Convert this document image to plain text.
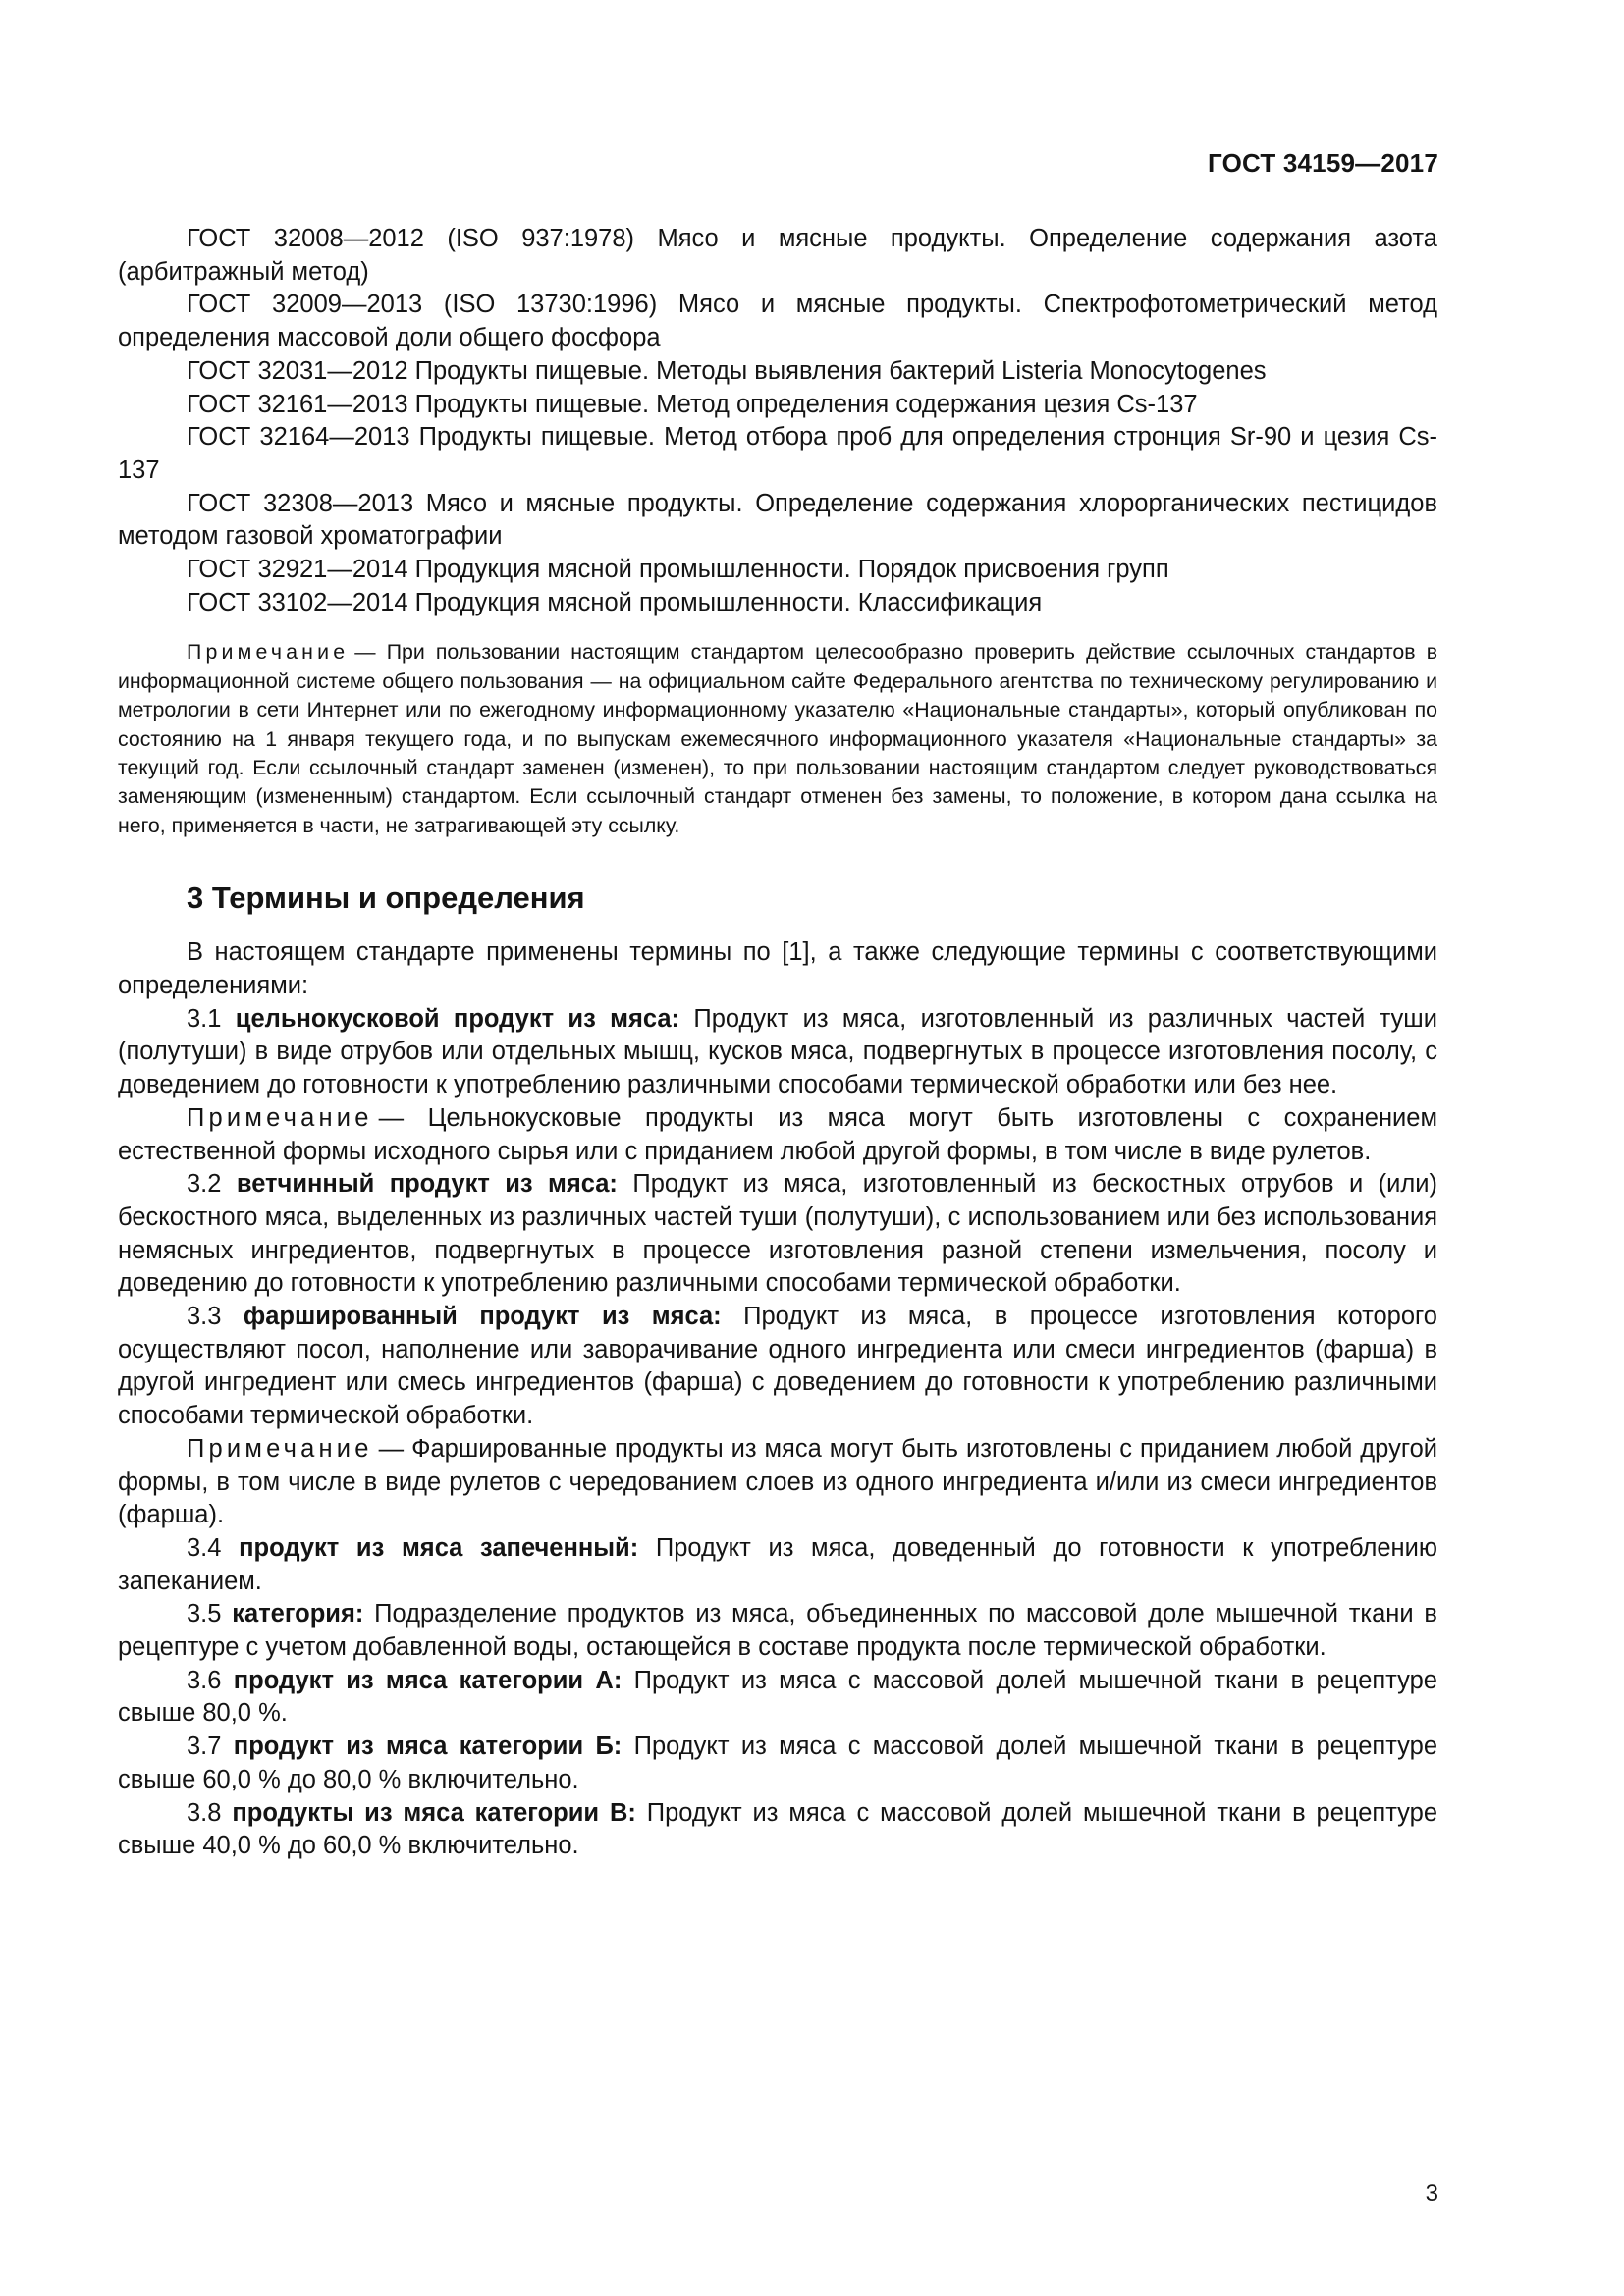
ГОСТ 34159—2017

ГОСТ 32008—2012 (ISO 937:1978) Мясо и мясные продукты. Определение содержания азота (арбитражный метод)

ГОСТ 32009—2013 (ISO 13730:1996) Мясо и мясные продукты. Спектрофотометрический метод определения массовой доли общего фосфора

ГОСТ 32031—2012 Продукты пищевые. Методы выявления бактерий Listeria Monocytogenes

ГОСТ 32161—2013 Продукты пищевые. Метод определения содержания цезия Cs-137

ГОСТ 32164—2013 Продукты пищевые. Метод отбора проб для определения стронция Sr-90 и цезия Cs-137

ГОСТ 32308—2013 Мясо и мясные продукты. Определение содержания хлорорганических пестицидов методом газовой хроматографии

ГОСТ 32921—2014 Продукция мясной промышленности. Порядок присвоения групп

ГОСТ 33102—2014 Продукция мясной промышленности. Классификация

Примечание — При пользовании настоящим стандартом целесообразно проверить действие ссылочных стандартов в информационной системе общего пользования — на официальном сайте Федерального агентства по техническому регулированию и метрологии в сети Интернет или по ежегодному информационному указателю «Национальные стандарты», который опубликован по состоянию на 1 января текущего года, и по выпускам ежемесячного информационного указателя «Национальные стандарты» за текущий год. Если ссылочный стандарт заменен (изменен), то при пользовании настоящим стандартом следует руководствоваться заменяющим (измененным) стандартом. Если ссылочный стандарт отменен без замены, то положение, в котором дана ссылка на него, применяется в части, не затрагивающей эту ссылку.

3 Термины и определения

В настоящем стандарте применены термины по [1], а также следующие термины с соответствующими определениями:

3.1 цельнокусковой продукт из мяса: Продукт из мяса, изготовленный из различных частей туши (полутуши) в виде отрубов или отдельных мышц, кусков мяса, подвергнутых в процессе изготовления посолу, с доведением до готовности к употреблению различными способами термической обработки или без нее.

Примечание — Цельнокусковые продукты из мяса могут быть изготовлены с сохранением естественной формы исходного сырья или с приданием любой другой формы, в том числе в виде рулетов.

3.2 ветчинный продукт из мяса: Продукт из мяса, изготовленный из бескостных отрубов и (или) бескостного мяса, выделенных из различных частей туши (полутуши), с использованием или без использования немясных ингредиентов, подвергнутых в процессе изготовления разной степени измельчения, посолу и доведению до готовности к употреблению различными способами термической обработки.

3.3 фаршированный продукт из мяса: Продукт из мяса, в процессе изготовления которого осуществляют посол, наполнение или заворачивание одного ингредиента или смеси ингредиентов (фарша) в другой ингредиент или смесь ингредиентов (фарша) с доведением до готовности к употреблению различными способами термической обработки.

Примечание — Фаршированные продукты из мяса могут быть изготовлены с приданием любой другой формы, в том числе в виде рулетов с чередованием слоев из одного ингредиента и/или из смеси ингредиентов (фарша).

3.4 продукт из мяса запеченный: Продукт из мяса, доведенный до готовности к употреблению запеканием.

3.5 категория: Подразделение продуктов из мяса, объединенных по массовой доле мышечной ткани в рецептуре с учетом добавленной воды, остающейся в составе продукта после термической обработки.

3.6 продукт из мяса категории А: Продукт из мяса с массовой долей мышечной ткани в рецептуре свыше 80,0 %.

3.7 продукт из мяса категории Б: Продукт из мяса с массовой долей мышечной ткани в рецептуре свыше 60,0 % до 80,0 % включительно.

3.8 продукты из мяса категории В: Продукт из мяса с массовой долей мышечной ткани в рецептуре свыше 40,0 % до 60,0 % включительно.

3
